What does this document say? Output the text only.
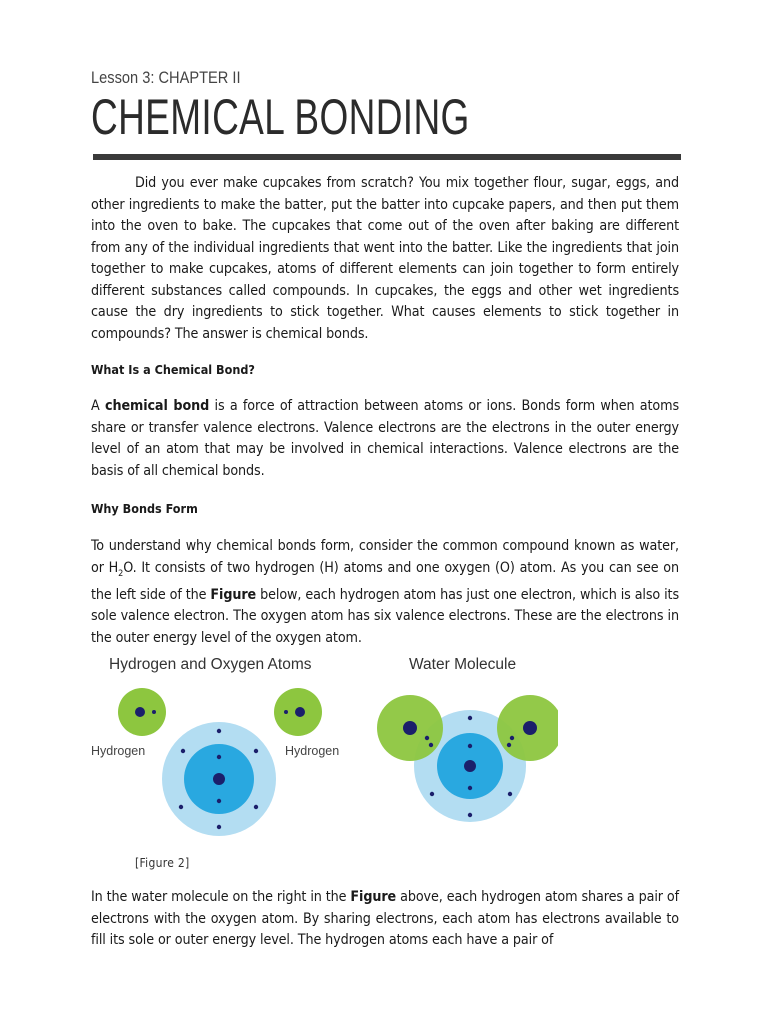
Lesson 3: CHAPTER II
CHEMICAL BONDING

Did you ever make cupcakes from scratch? You mix together flour, sugar, eggs, and other ingredients to make the batter, put the batter into cupcake papers, and then put them into the oven to bake. The cupcakes that come out of the oven after baking are different from any of the individual ingredients that went into the batter. Like the ingredients that join together to make cupcakes, atoms of different elements can join together to form entirely different substances called compounds. In cupcakes, the eggs and other wet ingredients cause the dry ingredients to stick together. What causes elements to stick together in compounds? The answer is chemical bonds.

What Is a Chemical Bond?

A chemical bond is a force of attraction between atoms or ions. Bonds form when atoms share or transfer valence electrons. Valence electrons are the electrons in the outer energy level of an atom that may be involved in chemical interactions. Valence electrons are the basis of all chemical bonds.

Why Bonds Form

To understand why chemical bonds form, consider the common compound known as water, or $H_2O$. It consists of two hydrogen (H) atoms and one oxygen (O) atom. As you can see on the left side of the Figure below, each hydrogen atom has just one electron, which is also its sole valence electron. The oxygen atom has six valence electrons. These are the electrons in the outer energy level of the oxygen atom.

Hydrogen and Oxygen Atoms	Water Molecule
Hydrogen	Hydrogen
[Figure 2]

In the water molecule on the right in the Figure above, each hydrogen atom shares a pair of electrons with the oxygen atom. By sharing electrons, each atom has electrons available to fill its sole or outer energy level. The hydrogen atoms each have a pair of
